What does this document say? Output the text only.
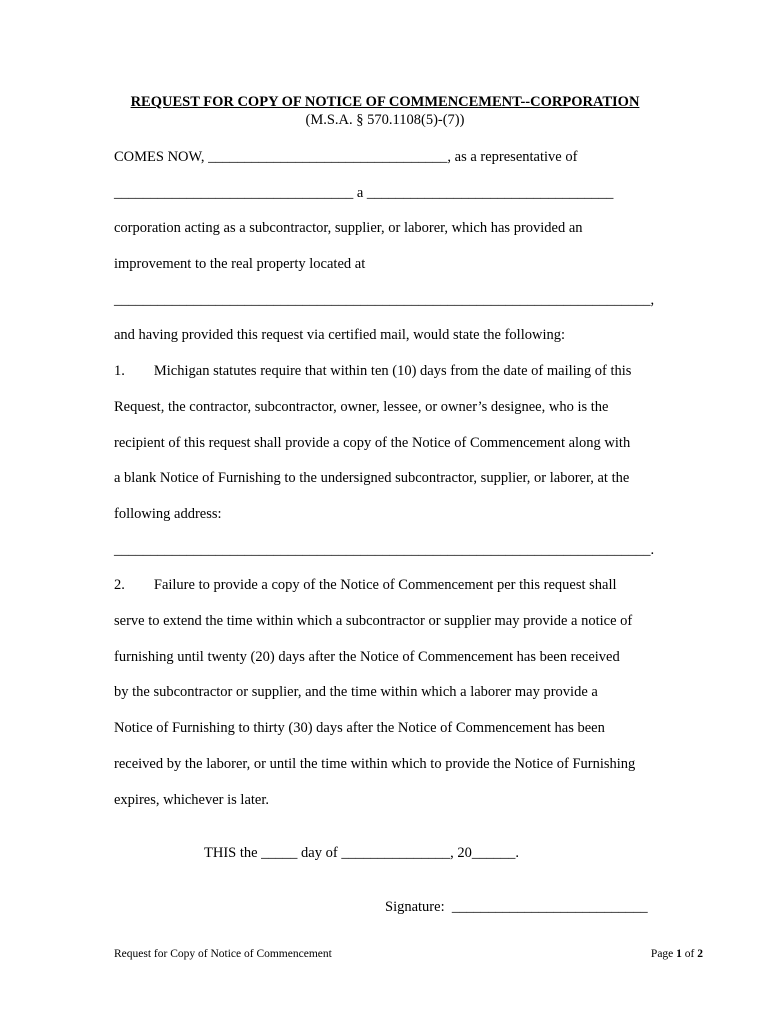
REQUEST FOR COPY OF NOTICE OF COMMENCEMENT--CORPORATION
(M.S.A. § 570.1108(5)-(7))
COMES NOW, _________________________________, as a representative of
_________________________________ a __________________________________
corporation acting as a subcontractor, supplier, or laborer, which has provided an
improvement to the real property located at
__________________________________________________________________________,
and having provided this request via certified mail, would state the following:
1.        Michigan statutes require that within ten (10) days from the date of mailing of this
Request, the contractor, subcontractor, owner, lessee, or owner’s designee, who is the
recipient of this request shall provide a copy of the Notice of Commencement along with
a blank Notice of Furnishing to the undersigned subcontractor, supplier, or laborer, at the
following address:
__________________________________________________________________________.
2.        Failure to provide a copy of the Notice of Commencement per this request shall
serve to extend the time within which a subcontractor or supplier may provide a notice of
furnishing until twenty (20) days after the Notice of Commencement has been received
by the subcontractor or supplier, and the time within which a laborer may provide a
Notice of Furnishing to thirty (30) days after the Notice of Commencement has been
received by the laborer, or until the time within which to provide the Notice of Furnishing
expires, whichever is later.
THIS the _____ day of _______________, 20______.
Signature:  ___________________________
Request for Copy of Notice of Commencement	Page 1 of 2
